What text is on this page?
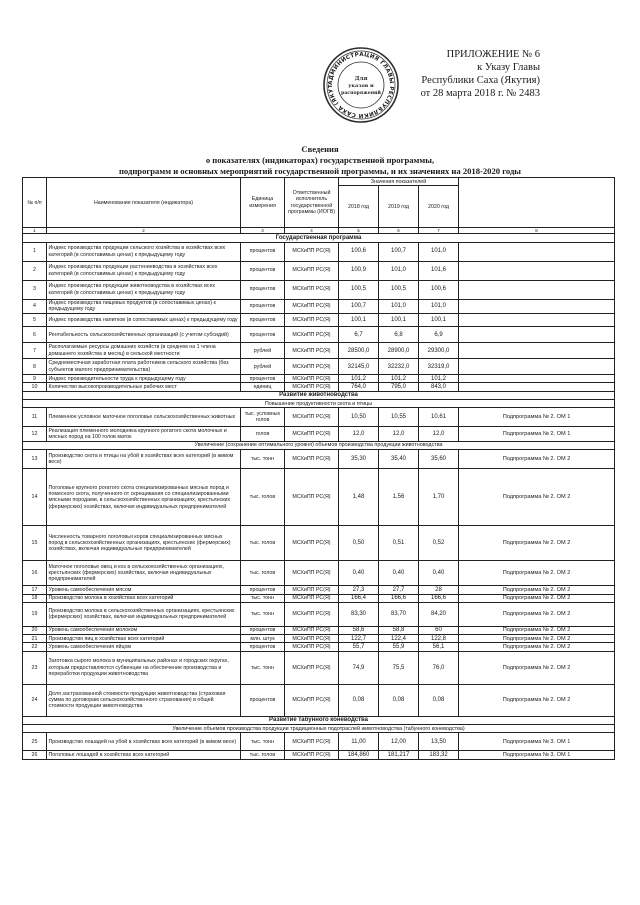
АДМИНИСТРАЦИЯ ГЛАВЫ РЕСПУБЛИКИ САХА (ЯКУТ
Для
указов и
распоряжений
ПРИЛОЖЕНИЕ № 6
к Указу Главы
Республики Саха (Якутия)
от 28 марта 2018 г. № 2483
Сведения
о показателях (индикаторах) государственной программы,
подпрограмм и основных мероприятий государственной программы, и их значениях на 2018-2020 годы
№ п/п	Наименование показателя (индикатора)	Единица измерения	Ответственный исполнитель государственной программы (ИОГВ)	Значения показателей			
				2018 год	2019 год	2020 год	
1	2	3	4	5	6	7	8
Государственная программа							
1	Индекс производства продукции сельского хозяйства в хозяйствах всех категорий (в сопоставимых ценах) к предыдущему году	процентов	МСХиПП РС(Я)	100,6	100,7	101,0	
2	Индекс производства продукции растениеводства в хозяйствах всех категорий (в сопоставимых ценах) к предыдущему году	процентов	МСХиПП РС(Я)	100,9	101,0	101,6	
3	Индекс производства продукции животноводства в хозяйствах всех категорий (в сопоставимых ценах) к предыдущему году	процентов	МСХиПП РС(Я)	100,5	100,5	100,6	
4	Индекс производства пищевых продуктов (в сопоставимых ценах) к предыдущему году	процентов	МСХиПП РС(Я)	100,7	101,0	101,0	
5	Индекс производства напитков (в сопоставимых ценах) к предыдущему году	процентов	МСХиПП РС(Я)	100,1	100,1	100,1	
6	Рентабельность сельскохозяйственных организаций (с учетом субсидий)	процентов	МСХиПП РС(Я)	6,7	6,8	6,9	
7	Располагаемые ресурсы домашних хозяйств (в среднем на 1 члена домашнего хозяйства в месяц) в сельской местности	рублей	МСХиПП РС(Я)	28500,0	28900,0	29300,0	
8	Среднемесячная заработная плата работников сельского хозяйства (без субъектов малого предпринимательства)	рублей	МСХиПП РС(Я)	32145,0	32232,0	32319,0	
9	Индекс производительности труда к предыдущему году	процентов	МСХиПП РС(Я)	101,2	101,2	101,2	
10	Количество высокопроизводительных рабочих мест	единиц	МСХиПП РС(Я)	764,0	795,0	843,0	
Развитие животноводства							
Повышение продуктивности скота и птицы							
11	Племенное условное маточное поголовье сельскохозяйственных животных	тыс. условных голов	МСХиПП РС(Я)	10,50	10,55	10,61	Подпрограмма № 2. ОМ 1
12	Реализация племенного молодняка крупного рогатого скота молочных и мясных пород на 100 голов маток	голов	МСХиПП РС(Я)	12,0	12,0	12,0	Подпрограмма № 2. ОМ 1
Увеличение (сохранение оптимального уровня) объемов производства продукции животноводства							
13	Производство скота и птицы на убой в хозяйствах всех категорий (в живом весе)	тыс. тонн	МСХиПП РС(Я)	35,30	35,40	35,60	Подпрограмма № 2. ОМ 2
14	Поголовье крупного рогатого скота специализированных мясных пород и помесного скота, полученного от скрещивания со специализированными мясными породами, в сельскохозяйственных организациях, крестьянских (фермерских) хозяйствах, включая индивидуальных предпринимателей	тыс. голов	МСХиПП РС(Я)	1,48	1,56	1,70	Подпрограмма № 2. ОМ 2
15	Численность товарного поголовья коров специализированных мясных пород в сельскохозяйственных организациях, крестьянских (фермерских) хозяйствах, включая индивидуальных предпринимателей	тыс. голов	МСХиПП РС(Я)	0,50	0,51	0,52	Подпрограмма № 2. ОМ 2
16	Маточное поголовье овец и коз в сельскохозяйственных организациях, крестьянских (фермерских) хозяйствах, включая индивидуальных предпринимателей	тыс. голов	МСХиПП РС(Я)	0,40	0,40	0,40	Подпрограмма № 2. ОМ 2
17	Уровень самообеспечения мясом	процентов	МСХиПП РС(Я)	27,3	27,7	28	Подпрограмма № 2. ОМ 2
18	Производство молока в хозяйствах всех категорий	тыс. тонн	МСХиПП РС(Я)	166,4	166,6	166,6	Подпрограмма № 2. ОМ 2
19	Производство молока в сельскохозяйственных организациях, крестьянских (фермерских) хозяйствах, включая индивидуальных предпринимателей	тыс. тонн	МСХиПП РС(Я)	83,30	83,70	84,20	Подпрограмма № 2. ОМ 2
20	Уровень самообеспечения молоком	процентов	МСХиПП РС(Я)	58,6	58,8	60	Подпрограмма № 2. ОМ 2
21	Производство яиц в хозяйствах всех категорий	млн. штук	МСХиПП РС(Я)	122,7	122,4	122,8	Подпрограмма № 2. ОМ 2
22	Уровень самообеспечения яйцом	процентов	МСХиПП РС(Я)	55,7	55,9	56,1	Подпрограмма № 2. ОМ 2
23	Заготовка сырого молока в муниципальных районах и городских округах, которым предоставляются субвенции на обеспечение производства и переработки продукции животноводства	тыс. тонн	МСХиПП РС(Я)	74,9	75,5	76,0	Подпрограмма № 2. ОМ 2
24	Доля застрахованной стоимости продукции животноводства (страховая сумма по договорам сельскохозяйственного страхования) в общей стоимости продукции животноводства	процентов	МСХиПП РС(Я)	0,08	0,08	0,08	Подпрограмма № 2. ОМ 2
Развитие табунного коневодства							
Увеличение объемов производства продукции традиционных подотраслей животноводства (табунного коневодства)							
25	Производство лошадей на убой в хозяйствах всех категорий (в живом весе)	тыс. тонн	МСХиПП РС(Я)	11,00	12,00	13,50	Подпрограмма № 3. ОМ 1
26	Поголовье лошадей в хозяйствах всех категорий	тыс. голов	МСХиПП РС(Я)	184,860	181,217	183,32	Подпрограмма № 3. ОМ 1
